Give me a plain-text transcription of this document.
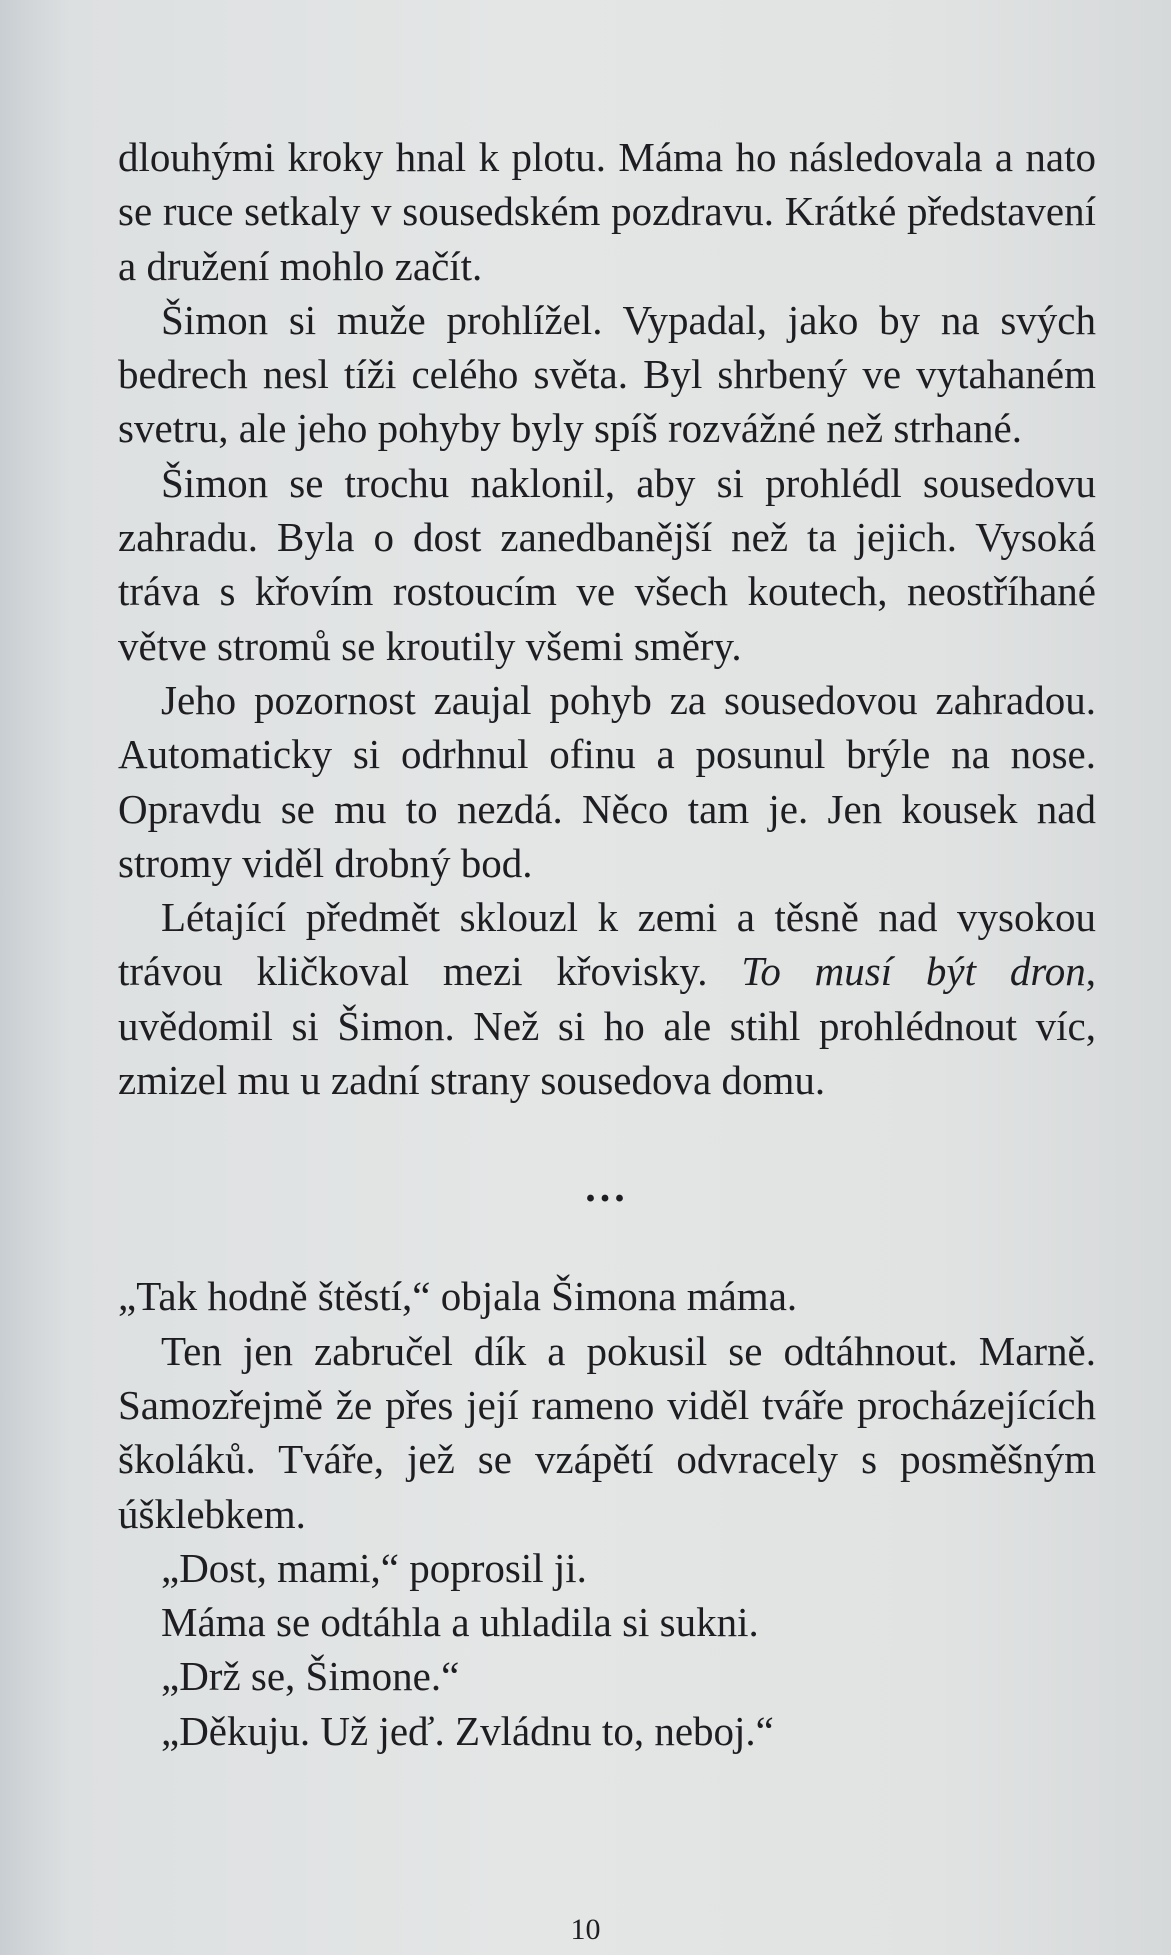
dlouhými kroky hnal k plotu. Máma ho následovala a nato se ruce setkaly v sousedském pozdravu. Krátké představení a družení mohlo začít.

Šimon si muže prohlížel. Vypadal, jako by na svých bedrech nesl tíži celého světa. Byl shrbený ve vytahaném svetru, ale jeho pohyby byly spíš rozvážné než strhané.

Šimon se trochu naklonil, aby si prohlédl sousedovu zahradu. Byla o dost zanedbanější než ta jejich. Vysoká tráva s křovím rostoucím ve všech koutech, neostříhané větve stromů se kroutily všemi směry.

Jeho pozornost zaujal pohyb za sousedovou zahradou. Automaticky si odrhnul ofinu a posunul brýle na nose. Opravdu se mu to nezdá. Něco tam je. Jen kousek nad stromy viděl drobný bod.

Létající předmět sklouzl k zemi a těsně nad vysokou trávou kličkoval mezi křovisky. To musí být dron, uvědomil si Šimon. Než si ho ale stihl prohlédnout víc, zmizel mu u zadní strany sousedova domu.

...

„Tak hodně štěstí,“ objala Šimona máma.

Ten jen zabručel dík a pokusil se odtáhnout. Marně. Samozřejmě že přes její rameno viděl tváře procházejících školáků. Tváře, jež se vzápětí odvracely s posměšným úšklebkem.

„Dost, mami,“ poprosil ji.

Máma se odtáhla a uhladila si sukni.

„Drž se, Šimone.“

„Děkuju. Už jeď. Zvládnu to, neboj.“

10
